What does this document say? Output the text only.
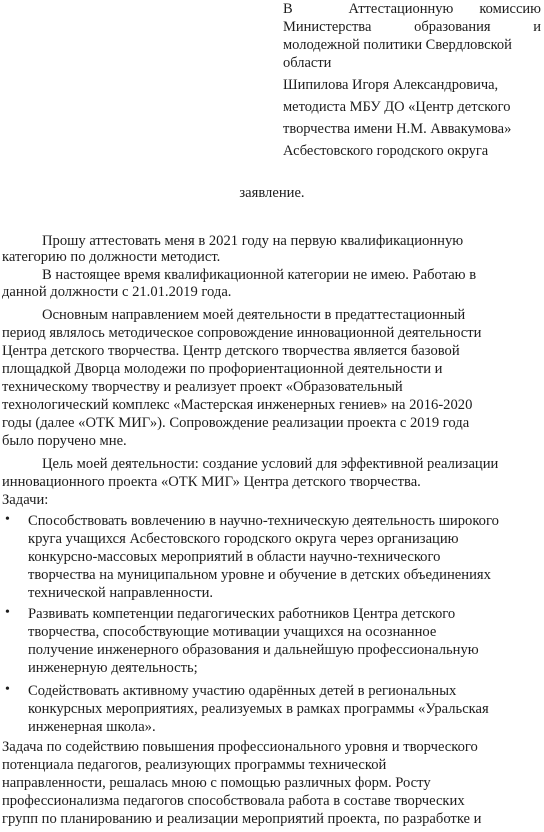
В	Аттестационную комиссию
Министерства	образования	и
молодежной политики Свердловской
области
Шипилова Игоря Александровича,
методиста МБУ ДО «Центр детского
творчества имени Н.М. Аввакумова»
Асбестовского городского округа
заявление.
Прошу аттестовать меня в 2021 году на первую квалификационную
категорию по должности методист.
В настоящее время квалификационной категории не имею. Работаю в
данной должности с 21.01.2019 года.
Основным направлением моей деятельности в предаттестационный
период являлось методическое сопровождение инновационной деятельности
Центра детского творчества. Центр детского творчества является базовой
площадкой Дворца молодежи по профориентационной деятельности и
техническому творчеству и реализует проект «Образовательный
технологический комплекс «Мастерская инженерных гениев» на 2016-2020
годы (далее «ОТК МИГ»). Сопровождение реализации проекта с 2019 года
было поручено мне.
Цель моей деятельности: создание условий для эффективной реализации
инновационного проекта «ОТК МИГ» Центра детского творчества.
Задачи:
• Способствовать вовлечению в научно-техническую деятельность широкого
круга учащихся Асбестовского городского округа через организацию
конкурсно-массовых мероприятий в области научно-технического
творчества на муниципальном уровне и обучение в детских объединениях
технической направленности.
• Развивать компетенции педагогических работников Центра детского
творчества, способствующие мотивации учащихся на осознанное
получение инженерного образования и дальнейшую профессиональную
инженерную деятельность;
• Содействовать активному участию одарённых детей в региональных
конкурсных мероприятиях, реализуемых в рамках программы «Уральская
инженерная школа».
Задача по содействию повышения профессионального уровня и творческого
потенциала педагогов, реализующих программы технической
направленности, решалась мною с помощью различных форм. Росту
профессионализма педагогов способствовала работа в составе творческих
групп по планированию и реализации мероприятий проекта, по разработке и
